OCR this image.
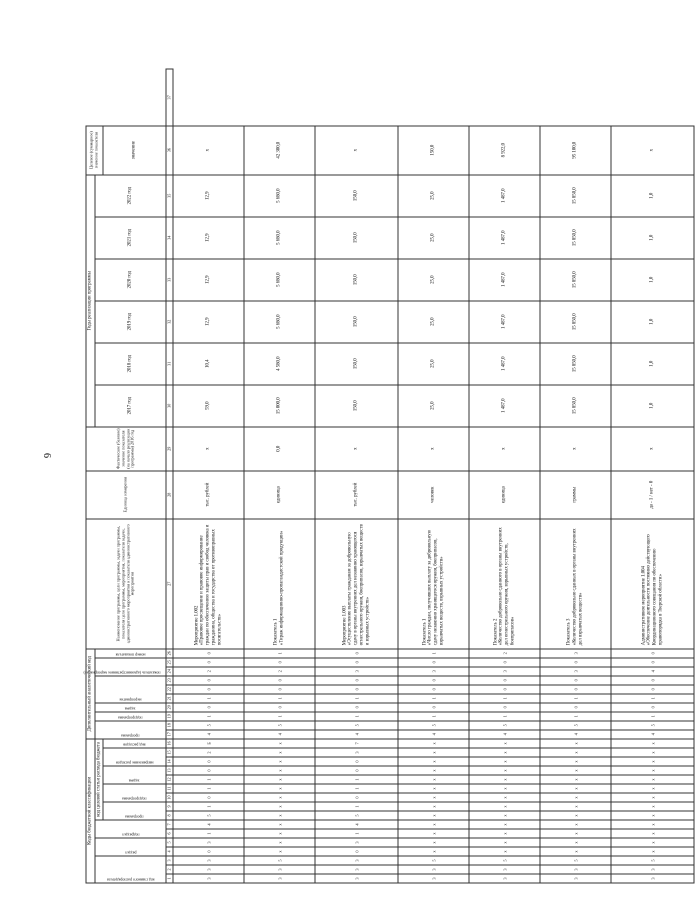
6
Коды бюджетной классификации																Дополнительный аналитический код										Наименование программы, цели программы, задачи программы, показателя цели программы, мероприятия, показателя задачи, административного мероприятия и показателя административного мероприятия	Единица измерения	Фактическое (базовое) значение показателя (на начало реализации программы) 2016 год	Годы реализации программы						Целевое (суммарное) значение показателя	

код главного распорядителя			раздел		подраздел		код целевой статьи расхода бюджета									программа		подпрограмма	задача	мероприятие			показатель (административное мероприятие)		номер показателя				2017 год	2018 год	2019 год	2020 год	2021 год	2022 год		

							программа		подпрограмма		задача		направление расходов		вид расходов																				значение	
1	2	3	4	5	6	7	8	9	10	11	12	13	14	15	16	17	18	19	20	21	22	23	24	25	26	27	28	29	30	31	32	33	34	35	36	37
3	3	3	0	3	1	4	5	1	0	1	1	0	0	2	Б	4	5	1	0	1	0	0	2	0	0	Мероприятие 1.002
«Правовое просвещение и правовое информирование граждан по обеспечению защиты прав и свобод человека и гражданина, общества и государства от противоправных посягательств»	тыс. рублей	х	59,0	10,4	12,9	12,9	12,9	12,9	х	
3	3	5	х	х	х	х	х	х	х	х	х	х	х	х	х	4	5	1	0	1	0	0	2	0	1	Показатель 1
«Тираж информационно-пропагандистской продукции»	единица	0,0	15 000,0	4 580,0	5 680,0	5 680,0	5 680,0	5 680,0	42 300,0	
3	3	3	0	3	1	4	5	1	0	1	1	0	0	3	7	4	5	1	0	1	0	0	3	0	0	Мероприятие 1.003
«Осуществление выплаты гражданам за добровольную сдачу в органы внутренних дел незаконно хранящегося огнестрельного оружия, боеприпасов, взрывчатых веществ и взрывных устройств»	тыс. рублей	х	150,0	150,0	150,0	150,0	150,0	150,0	х	
3	3	5	х	х	х	х	х	х	х	х	х	х	х	х	х	4	5	1	0	1	0	0	3	0	1	Показатель 1
«Число граждан, получивших выплату за добровольную сдачу незаконно хранящегося оружия, боеприпасов, взрывчатых веществ, взрывных устройств»	человек	х	25,0	25,0	25,0	25,0	25,0	25,0	150,0	
3	3	5	х	х	х	х	х	х	х	х	х	х	х	х	х	4	5	1	0	1	0	0	3	0	2	Показатель 2
«Количество добровольно сданного в органы внутренних дел огнестрельного оружия, взрывных устройств, боеприпасов»	единица	х	1 487,0	1 487,0	1 487,0	1 487,0	1 487,0	1 487,0	8 922,0	
3	3	5	х	х	х	х	х	х	х	х	х	х	х	х	х	4	5	1	0	1	0	0	3	0	3	Показатель 3
«Количество добровольно сданных в органы внутренних дел взрывчатых веществ»	граммы	х	15 850,0	15 850,0	15 850,0	15 850,0	15 850,0	15 850,0	95 100,0	
3	3	5	х	х	х	х	х	х	х	х	х	х	х	х	х	4	5	1	0	1	0	0	4	0	0	Административное мероприятие 1.004
«Обеспечение деятельности постоянно действующего Координационного совещания по обеспечению правопорядка в Тверской области»	да - 1 / нет - 0	х	1,0	1,0	1,0	1,0	1,0	1,0	х	
